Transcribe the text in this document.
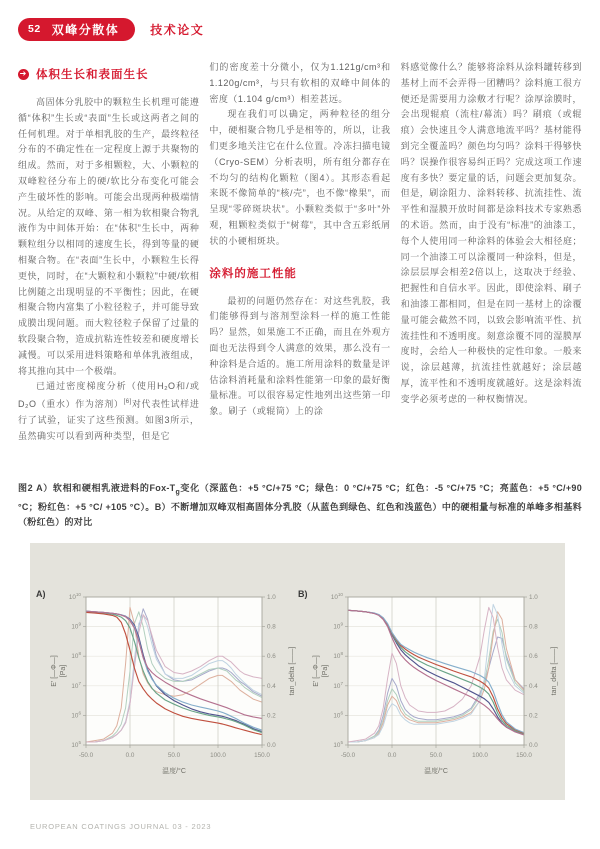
52 双峰分散体	技术论文
➔
体积生长和表面生长

高固体分乳胶中的颗粒生长机理可能遵循“体积”生长或“表面”生长或这两者之间的任何机理。对于单相乳胶的生产，最终粒径分布的不确定性在一定程度上源于共聚物的组成。然而，对于多相颗粒，大、小颗粒的双峰粒径分布上的硬/软比分布变化可能会产生破坏性的影响。可能会出现两种极端情况。从给定的双峰、第一相为软相聚合物乳液作为中间体开始：在“体积”生长中，两种颗粒组分以相同的速度生长，得到等量的硬相聚合物。在“表面”生长中，小颗粒生长得更快，同时，在“大颗粒和小颗粒”中硬/软相比例随之出现明显的不平衡性；因此，在硬相聚合物内富集了小粒径粒子，并可能导致成膜出现问题。而大粒径粒子保留了过量的软段聚合物，造成抗粘连性较差和硬度增长减慢。可以采用进料策略和单体乳液组成，将其推向其中一个极端。

已通过密度梯度分析（使用H₂O和/或D₂O（重水）作为溶剂）[6]对代表性试样进行了试验，证实了这些预测。如图3所示，虽然确实可以看到两种类型，但是它

们的密度差十分微小，仅为1.121g/cm³和1.120g/cm³，与只有软相的双峰中间体的密度（1.104 g/cm³）相差甚远。

现在我们可以确定，两种粒径的组分中，硬相聚合物几乎是相等的，所以，让我们更多地关注它在什么位置。冷冻扫描电镜（Cryo-SEM）分析表明，所有组分都存在不均匀的结构化颗粒（图4）。其形态看起来既不像简单的“核/壳”，也不像“橡果”，而呈现“零碎斑块状”。小颗粒类似于“多叶”外观，粗颗粒类似于“树莓”，其中含五彩纸屑状的小硬相斑块。

涂料的施工性能

最初的问题仍然存在：对这些乳胶，我们能够得到与溶剂型涂料一样的施工性能吗？显然，如果施工不正确，而且在外观方面也无法得到令人满意的效果，那么没有一种涂料是合适的。施工所用涂料的数量是评估涂料消耗量和涂料性能第一印象的最好衡量标准。可以很容易定性地列出这些第一印象。刷子（或辊筒）上的涂

料感觉像什么？能够将涂料从涂料罐转移到基材上而不会弄得一团糟吗？涂料施工很方便还是需要用力涂敷才行呢？涂厚涂膜时，会出现辊痕（流柱/幕流）吗？刷痕（或辊痕）会快速且令人满意地流平吗？基材能得到完全覆盖吗？颜色均匀吗？涂料干得够快吗？误操作很容易纠正吗？完成这项工作速度有多快？要定量的话，问题会更加复杂。但是，刷涂阻力、涂料转移、抗流挂性、流平性和湿膜开放时间都是涂料技术专家熟悉的术语。然而，由于没有“标准”的油漆工，每个人使用同一种涂料的体验会大相径庭；同一个油漆工可以涂覆同一种涂料，但是，涂层层厚会相差2倍以上，这取决于经验、把握性和自信水平。因此，即使涂料、刷子和油漆工都相同，但是在同一基材上的涂覆量可能会截然不同，以致会影响流平性、抗流挂性和不透明度。刻意涂覆不同的湿膜厚度时，会给人一种极快的定性印象。一般来说，涂层越薄，抗流挂性就越好；涂层越厚，流平性和不透明度就越好。这是涂料流变学必须考虑的一种权衡情况。

图2 A）软相和硬相乳液进料的Fox-$T_g$变化（深蓝色：+5 °C/+75 °C；绿色：0 °C/+75 °C；红色：-5 °C/+75 °C；亮蓝色：+5 °C/+90 °C；粉红色：+5 °C/ +105 °C）。B）不断增加双峰双相高固体分乳胶（从蓝色到绿色、红色和浅蓝色）中的硬相量与标准的单峰多相基料（粉红色）的对比
A)
$10^5$
$10^6$
$10^7$
$10^8$
$10^9$
$10^{10}$
0.0
0.2
0.4
0.6
0.8
1.0
-50.0	0.0	50.0	100.0	150.0
温度/°C
E' [—Φ—] [Pa]	tan_delta [——]
B)
$10^5$
$10^6$
$10^7$
$10^8$
$10^9$
$10^{10}$
0.0
0.2
0.4
0.6
0.8
1.0
-50.0	0.0	50.0	100.0	150.0
温度/°C
E' [—Φ—] [Pa]	tan_delta [——]
EUROPEAN COATINGS JOURNAL 03 - 2023
